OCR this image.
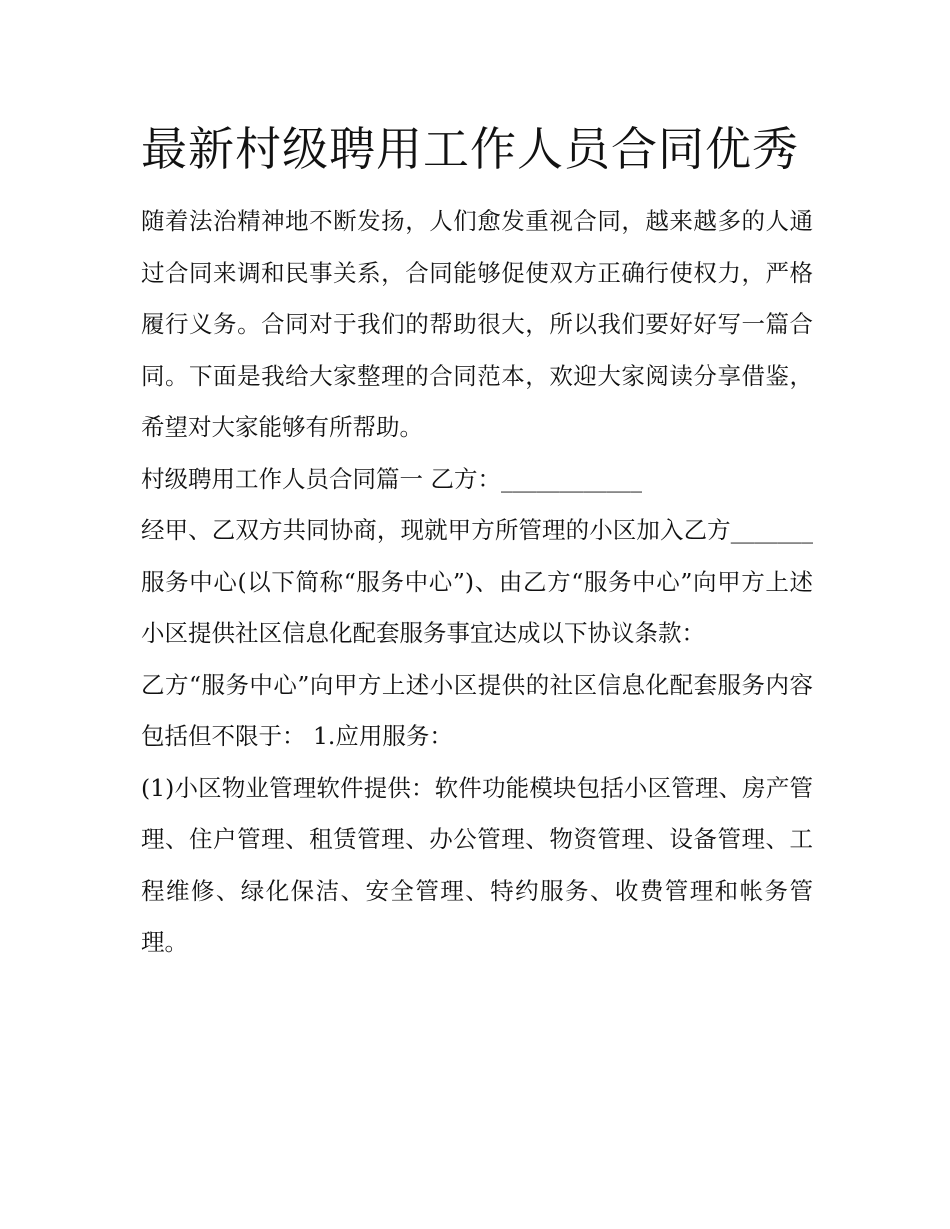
最新村级聘用工作人员合同优秀

随着法治精神地不断发扬，人们愈发重视合同，越来越多的人通过合同来调和民事关系，合同能够促使双方正确行使权力，严格履行义务。合同对于我们的帮助很大，所以我们要好好写一篇合同。下面是我给大家整理的合同范本，欢迎大家阅读分享借鉴，希望对大家能够有所帮助。

村级聘用工作人员合同篇一 乙方：____________

经甲、乙双方共同协商，现就甲方所管理的小区加入乙方_______服务中心(以下简称“服务中心”)、由乙方“服务中心”向甲方上述小区提供社区信息化配套服务事宜达成以下协议条款：

乙方“服务中心”向甲方上述小区提供的社区信息化配套服务内容包括但不限于： 1.应用服务：

(1)小区物业管理软件提供：软件功能模块包括小区管理、房产管理、住户管理、租赁管理、办公管理、物资管理、设备管理、工程维修、绿化保洁、安全管理、特约服务、收费管理和帐务管理。
